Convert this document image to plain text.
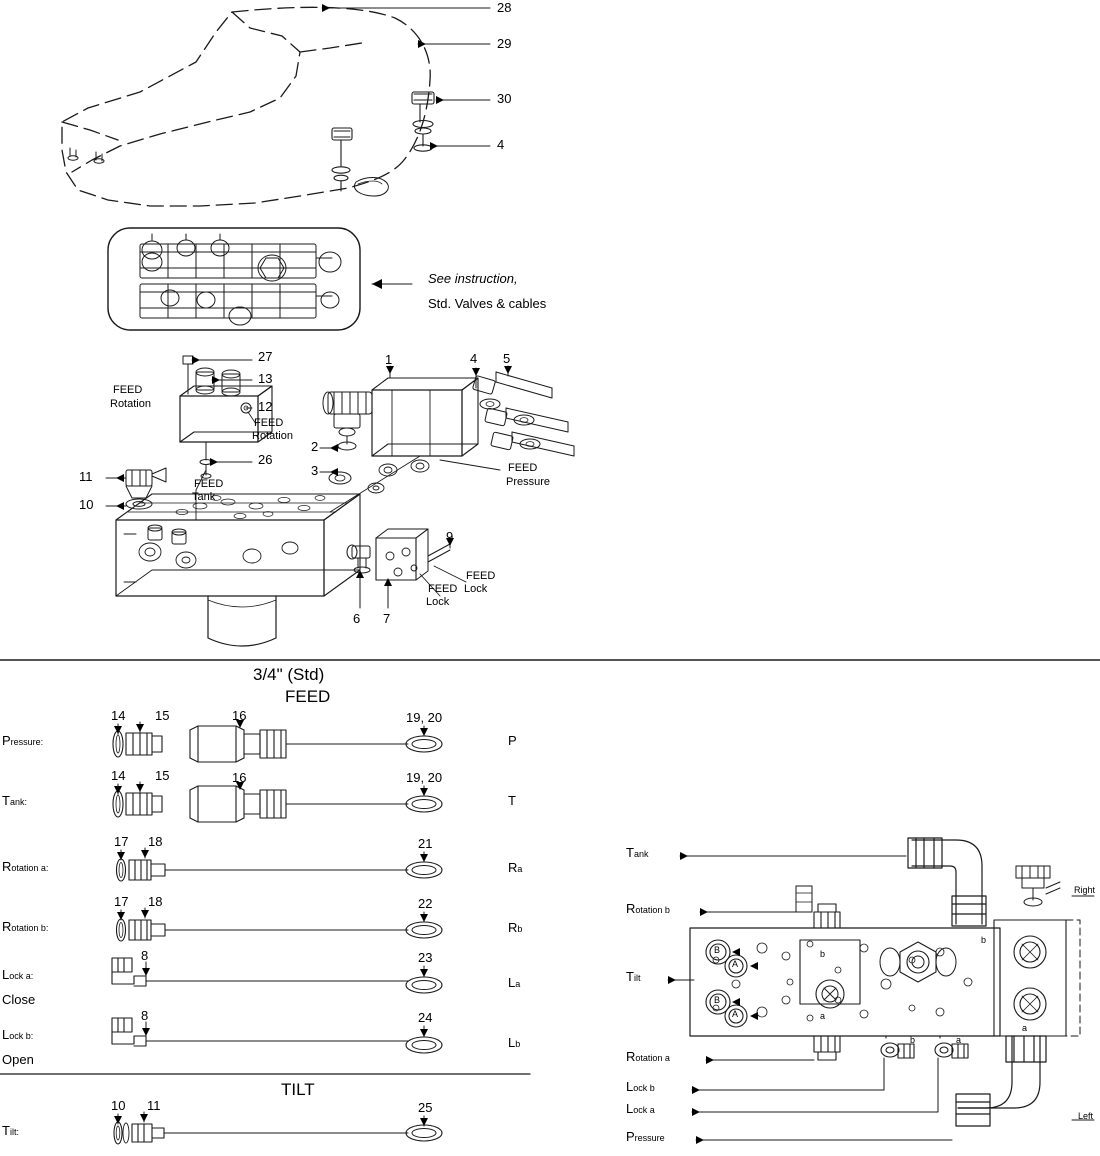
28
29
30
4
See instruction,
Std. Valves & cables
27
13
12
26
1	4 5
2
3
11
10
9
6 7
FEED
Rotation
FEED
Rotation
FEED
Tank
FEED
Pressure
FEED
Lock
FEED
Lock
3/4" (Std)
FEED
Pressure:
Tank:
Rotation a:
Rotation b:
Lock a:
Close
Lock b:
Open
14 15	16	19, 20
P
14 15	16	19, 20
T
17 18	21
Ra
17 18	22
Rb
8	23
La
8	24
Lb
TILT
Tilt:
10 11	25
Tank
Rotation b
Tilt
Rotation a
Lock b
Lock a
Pressure
Right
Left
b
a
b
a
b	a
B
A
B
A
